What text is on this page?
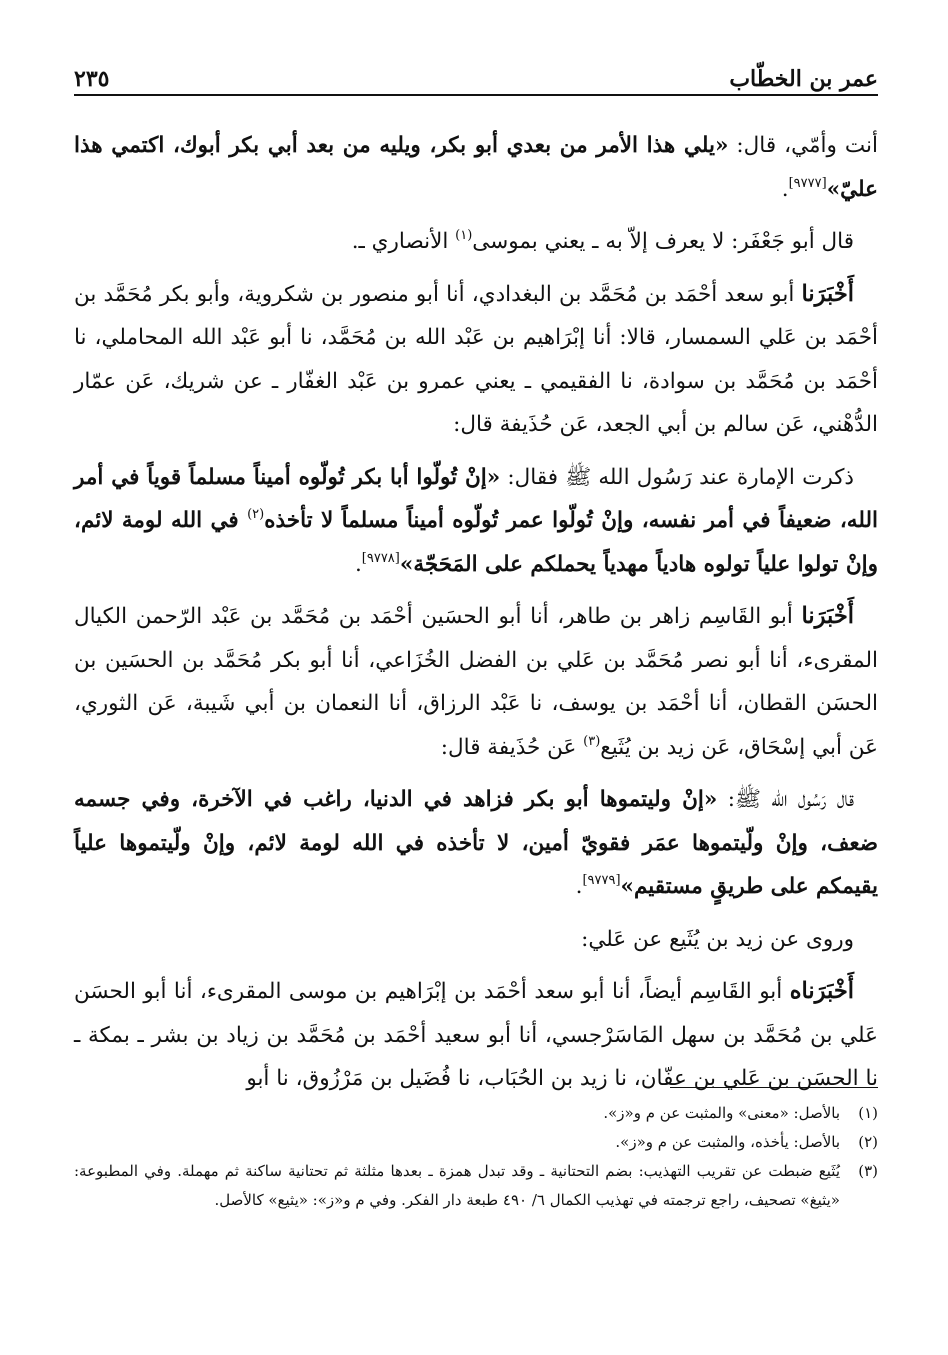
عمر بن الخطّاب
٢٣٥

أنت وأمّي، قال: «يلي هذا الأمر من بعدي أبو بكر، ويليه من بعد أبي بكر أبوك، اكتمي هذا عليّ»[٩٧٧٧].

قال أبو جَعْفَر: لا يعرف إلاّ به ـ يعني بموسى$^{(١)}$ الأنصاري ـ.

أَخْبَرَنا أبو سعد أحْمَد بن مُحَمَّد بن البغدادي، أنا أبو منصور بن شكروية، وأبو بكر مُحَمَّد بن أحْمَد بن عَلي السمسار، قالا: أنا إبْرَاهيم بن عَبْد الله بن مُحَمَّد، نا أبو عَبْد الله المحاملي، نا أحْمَد بن مُحَمَّد بن سوادة، نا الفقيمي ـ يعني عمرو بن عَبْد الغفّار ـ عن شريك، عَن عمّار الدُّهْني، عَن سالم بن أبي الجعد، عَن حُذَيفة قال:

ذكرت الإمارة عند رَسُول الله ﷺ فقال: «إنْ تُولّوا أبا بكر تُولّوه أميناً مسلماً قوياً في أمر الله، ضعيفاً في أمر نفسه، وإنْ تُولّوا عمر تُولّوه أميناً مسلماً لا تأخذه$^{(٢)}$ في الله لومة لائم، وإنْ تولوا علياً تولوه هادياً مهدياً يحملكم على المَحَجّة»[٩٧٧٨].

أَخْبَرَنا أبو القَاسِم زاهر بن طاهر، أنا أبو الحسَين أحْمَد بن مُحَمَّد بن عَبْد الرّحمن الكيال المقرىء، أنا أبو نصر مُحَمَّد بن عَلي بن الفضل الخُزَاعي، أنا أبو بكر مُحَمَّد بن الحسَين بن الحسَن القطان، أنا أحْمَد بن يوسف، نا عَبْد الرزاق، أنا النعمان بن أبي شَيبة، عَن الثوري، عَن أبي إسْحَاق، عَن زيد بن يُثَيع$^{(٣)}$ عَن حُذَيفة قال:

قال رَسُول الله ﷺ: «إنْ وليتموها أبو بكر فزاهد في الدنيا، راغب في الآخرة، وفي جسمه ضعف، وإنْ ولّيتموها عمَر فقويّ أمين، لا تأخذه في الله لومة لائم، وإنْ ولّيتموها علياً يقيمكم على طريقٍ مستقيم»[٩٧٧٩].

وروى عن زيد بن يُثَيع عن عَلي:

أَخْبَرَناه أبو القَاسِم أيضاً، أنا أبو سعد أحْمَد بن إبْرَاهيم بن موسى المقرىء، أنا أبو الحسَن عَلي بن مُحَمَّد بن سهل المَاسَرْجسي، أنا أبو سعيد أحْمَد بن مُحَمَّد بن زياد بن بشر ـ بمكة ـ نا الحسَن بن عَلي بن عفّان، نا زيد بن الحُبَاب، نا فُضَيل بن مَرْزُوق، نا أبو

(١)
بالأصل: «معنى» والمثبت عن م و«ز».

(٢)
بالأصل: يأخذه، والمثبت عن م و«ز».

(٣)
يُثَيع ضبطت عن تقريب التهذيب: بضم التحتانية ـ وقد تبدل همزة ـ بعدها مثلثة ثم تحتانية ساكنة ثم مهملة. وفي المطبوعة: «يثيغ» تصحيف، راجع ترجمته في تهذيب الكمال ٦/ ٤٩٠ طبعة دار الفكر. وفي م و«ز»: «يثيع» كالأصل.
